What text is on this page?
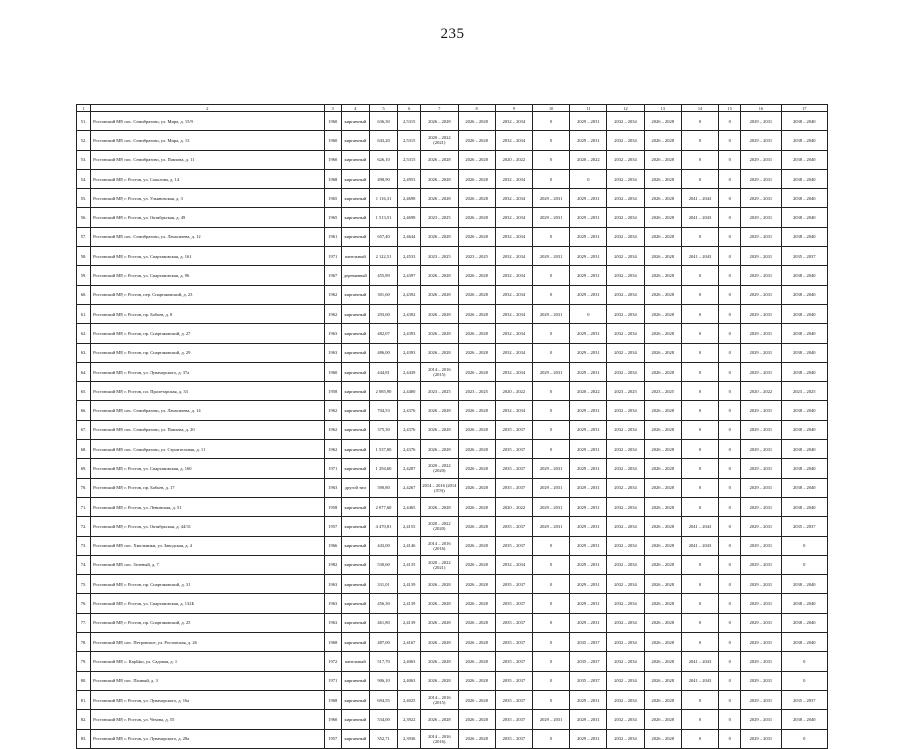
235
1	2	3	4	5	6	7	8	9	10	11	12	13	14	15	16	17
51.	Ростовский МР, пос. Семибратово, ул. Мира, д. 15/9	1960	кирпичный	636,30	2,5315	2026 – 2028	2026 – 2028	2032 – 2034	0	2029 – 2031	2032 – 2034	2026 – 2028	0	0	2029 – 2031	2038 – 2040
52.	Ростовский МР, пос. Семибратово, ул. Мира, д. 13	1960	кирпичный	643,20	2,5315	2020 – 2022 (2021)	2026 – 2028	2032 – 2034	0	2029 – 2031	2032 – 2034	2026 – 2028	0	0	2029 – 2031	2038 – 2040
53.	Ростовский МР, пос. Семибратово, ул. Павлова, д. 11	1960	кирпичный	626,10	2,5315	2026 – 2028	2026 – 2028	2020 – 2022	0	2020 – 2022	2032 – 2034	2026 – 2028	0	0	2029 – 2031	2038 – 2040
54.	Ростовский МР, г. Ростов, ул. Соколова, д. 14	1968	кирпичный	498,90	2,4953	2026 – 2028	2026 – 2028	2032 – 2034	0	0	2032 – 2034	2026 – 2028	0	0	2029 – 2031	2038 – 2040
55.	Ростовский МР, г. Ростов, ул. Ульяновская, д. 3	1965	кирпичный	1 116,31	2,4698	2026 – 2028	2026 – 2028	2032 – 2034	2029 – 2031	2029 – 2031	2032 – 2034	2026 – 2028	2041 – 2043	0	2029 – 2031	2038 – 2040
56.	Ростовский МР, г. Ростов, ул. Октябрьская, д. 49	1965	кирпичный	1 513,51	2,4698	2023 – 2025	2026 – 2028	2032 – 2034	2029 – 2031	2029 – 2031	2032 – 2034	2026 – 2028	2041 – 2043	0	2029 – 2031	2038 – 2040
57.	Ростовский МР, пос. Семибратово, ул. Лачасичева, д. 12	1961	кирпичный	657,40	2,4644	2026 – 2028	2026 – 2028	2032 – 2034	0	2029 – 2031	2032 – 2034	2026 – 2028	0	0	2029 – 2031	2038 – 2040
58.	Ростовский МР, г. Ростов, ул. Спартаковская, д. 161	1971	панельный	2 122,51	2,4533	2023 – 2025	2023 – 2025	2032 – 2034	2029 – 2031	2029 – 2031	2032 – 2034	2026 – 2028	2041 – 2043	0	2029 – 2031	2035 – 2037
59.	Ростовский МР, г. Ростов, ул. Спартаковская, д. 96	1967	деревянный	455,89	2,4397	2026 – 2028	2026 – 2028	2032 – 2034	0	2029 – 2031	2032 – 2034	2026 – 2028	0	0	2029 – 2031	2038 – 2040
60.	Ростовский МР, г. Ростов, пер. Спартаковский, д. 23	1962	кирпичный	301,60	2,4392	2026 – 2028	2026 – 2028	2032 – 2034	0	2029 – 2031	2032 – 2034	2026 – 2028	0	0	2029 – 2031	2038 – 2040
61.	Ростовский МР, г. Ростов, пр. Бабьев, д. 8	1962	кирпичный	293,60	2,4392	2026 – 2028	2026 – 2028	2032 – 2034	2029 – 2031	0	2032 – 2034	2026 – 2028	0	0	2029 – 2031	2038 – 2040
62.	Ростовский МР, г. Ростов, пр. Спартаковский, д. 27	1963	кирпичный	482,07	2,4393	2026 – 2028	2026 – 2028	2032 – 2034	0	2029 – 2031	2032 – 2034	2026 – 2028	0	0	2029 – 2031	2038 – 2040
63.	Ростовский МР, г. Ростов, пр. Спартаковский, д. 29	1963	кирпичный	486,00	2,4393	2026 – 2028	2026 – 2028	2032 – 2034	0	2029 – 2031	2032 – 2034	2026 – 2028	0	0	2029 – 2031	2038 – 2040
64.	Ростовский МР, г. Ростов, ул. Луначарского, д. 37а	1960	кирпичный	444,81	2,4439	2014 – 2016 (2015)	2026 – 2028	2032 – 2034	2029 – 2031	2029 – 2031	2032 – 2034	2026 – 2028	0	0	2029 – 2031	2038 – 2040
65.	Ростовский МР, г. Ростов, пл. Пролетарская, д. 33	1958	кирпичный	2 085,90	2,4400	2023 – 2025	2023 – 2025	2020 – 2022	0	2020 – 2022	2023 – 2025	2023 – 2025	0	0	2020 – 2022	2023 – 2025
66.	Ростовский МР, пос. Семибратово, ул. Лачасичева, д. 14	1962	кирпичный	704,53	2,4376	2026 – 2028	2026 – 2028	2032 – 2034	0	2029 – 2031	2032 – 2034	2026 – 2028	0	0	2029 – 2031	2038 – 2040
67.	Ростовский МР, пос. Семибратово, ул. Павлова, д. 20	1962	кирпичный	375,30	2,4376	2026 – 2028	2026 – 2028	2035 – 2037	0	2029 – 2031	2032 – 2034	2026 – 2028	0	0	2029 – 2031	2038 – 2040
68.	Ростовский МР, пос. Семибратово, ул. Строительная, д. 11	1962	кирпичный	1 537,00	2,4376	2026 – 2028	2026 – 2028	2035 – 2037	0	2029 – 2031	2032 – 2034	2026 – 2028	0	0	2029 – 2031	2038 – 2040
69.	Ростовский МР, г. Ростов, ул. Спартаковская, д. 160	1971	кирпичный	1 294,60	2,4287	2020 – 2022 (2020)	2026 – 2028	2035 – 2037	2029 – 2031	2029 – 2031	2032 – 2034	2026 – 2028	0	0	2029 – 2031	2038 – 2040
70.	Ростовский МР, г. Ростов, пр. Бабьев, д. 17	1963	другой тип	390,80	2,4267	2014 – 2016 (2014 (ЛЭ))	2026 – 2028	2035 – 2037	2029 – 2031	2029 – 2031	2032 – 2034	2026 – 2028	0	0	2029 – 2031	2038 – 2040
71.	Ростовский МР, г. Ростов, ул. Ленинская, д. 51	1958	кирпичный	2 077,60	2,4465	2026 – 2028	2026 – 2028	2020 – 2022	2029 – 2031	2029 – 2031	2032 – 2034	2026 – 2028	0	0	2029 – 2031	2038 – 2040
72.	Ростовский МР, г. Ростов, ул. Октябрьская, д. 44/31	1957	кирпичный	4 470,81	2,4155	2020 – 2022 (2020)	2026 – 2028	2035 – 2037	2029 – 2031	2029 – 2031	2032 – 2034	2026 – 2028	2041 – 2043	0	2029 – 2031	2035 – 2037
73.	Ростовский МР, пос. Хмельники, ул. Заводская, д. 4	1966	кирпичный	443,00	2,4146	2014 – 2016 (2016)	2026 – 2028	2035 – 2037	0	2029 – 2031	2032 – 2034	2026 – 2028	2041 – 2043	0	2029 – 2031	0
74.	Ростовский МР, пос. Зеленый, д. 7	1982	кирпичный	530,60	2,4135	2020 – 2022 (2021)	2026 – 2028	2032 – 2034	0	2029 – 2031	2032 – 2034	2026 – 2028	0	0	2029 – 2031	0
75.	Ростовский МР, г. Ростов, пр. Спартаковский, д. 31	1963	кирпичный	331,01	2,4139	2026 – 2028	2026 – 2028	2035 – 2037	0	2029 – 2031	2032 – 2034	2026 – 2028	0	0	2029 – 2031	2038 – 2040
76.	Ростовский МР, г. Ростов, ул. Спартаковская, д. 132Б	1963	кирпичный	456,30	2,4139	2026 – 2028	2026 – 2028	2035 – 2037	0	2029 – 2031	2032 – 2034	2026 – 2028	0	0	2029 – 2031	2038 – 2040
77.	Ростовский МР, г. Ростов, пр. Спартаковский, д. 25	1963	кирпичный	461,80	2,4139	2026 – 2028	2026 – 2028	2035 – 2037	0	2029 – 2031	2032 – 2034	2026 – 2028	0	0	2029 – 2031	2038 – 2040
78.	Ростовский МР, пос. Петровское, ул. Ростовская, д. 26	1968	кирпичный	487,00	2,4167	2026 – 2028	2026 – 2028	2035 – 2037	0	2035 – 2037	2032 – 2034	2026 – 2028	0	0	2029 – 2031	2038 – 2040
79.	Ростовский МР, с. Карաш, ул. Садовая, д. 1	1972	панельный	517,70	2,4063	2026 – 2028	2026 – 2028	2035 – 2037	0	2035 – 2037	2032 – 2034	2026 – 2028	2041 – 2043	0	2029 – 2031	0
80.	Ростовский МР, пос. Палный, д. 3	1971	кирпичный	906,10	2,4063	2026 – 2028	2026 – 2028	2035 – 2037	0	2035 – 2037	2032 – 2034	2026 – 2028	2041 – 2043	0	2029 – 2031	0
81.	Ростовский МР, г. Ростов, ул. Луначарского, д. 16а	1968	кирпичный	694,55	2,4025	2014 – 2016 (2015)	2026 – 2028	2035 – 2037	0	2029 – 2031	2032 – 2034	2026 – 2028	0	0	2029 – 2031	2035 – 2037
82.	Ростовский МР, г. Ростов, ул. Чехова, д. 55	1960	кирпичный	534,00	2,3922	2026 – 2028	2026 – 2028	2035 – 2037	2029 – 2031	2029 – 2031	2032 – 2034	2026 – 2028	0	0	2029 – 2031	2038 – 2040
83.	Ростовский МР, г. Ростов, ул. Луначарского, д. 28а	1957	кирпичный	352,71	2,3936	2014 – 2016 (2016)	2026 – 2028	2035 – 2037	0	2029 – 2031	2032 – 2034	2026 – 2028	0	0	2029 – 2031	0
